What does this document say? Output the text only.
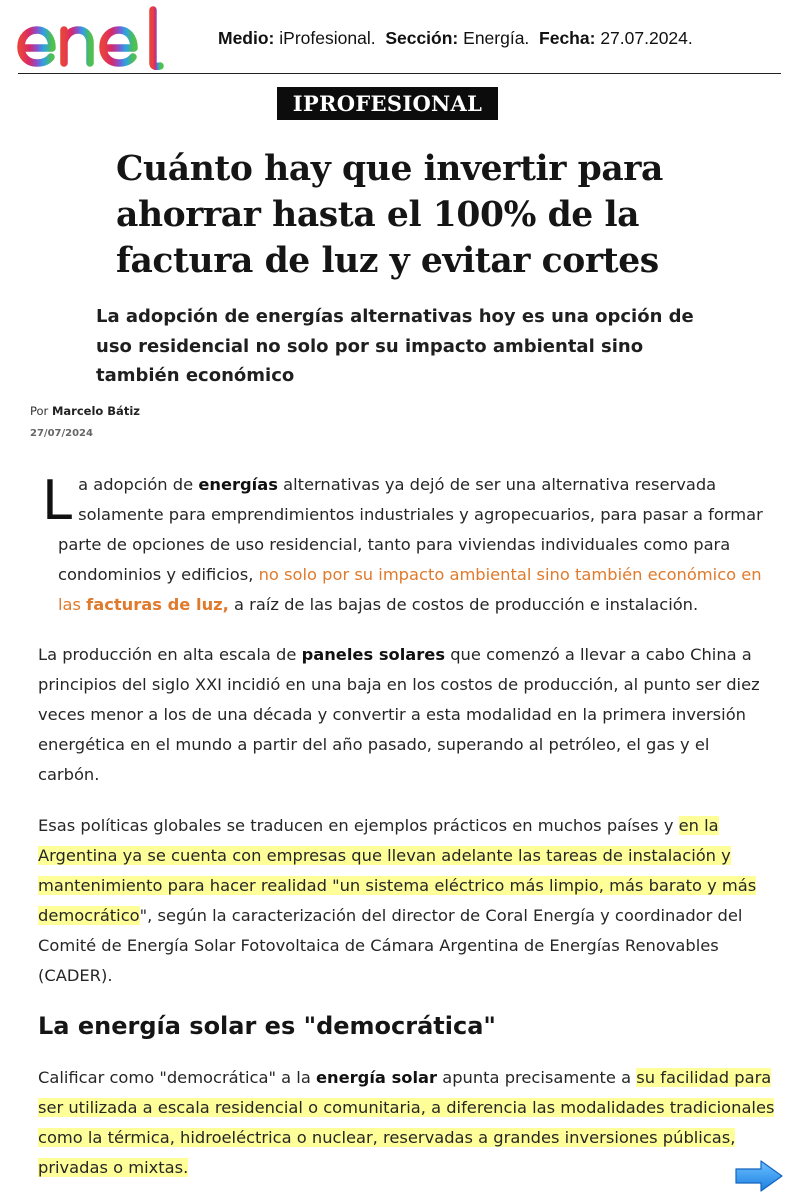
Medio: iProfesional. Sección: Energía. Fecha: 27.07.2024.
IPROFESIONAL
Cuánto hay que invertir para ahorrar hasta el 100% de la factura de luz y evitar cortes

La adopción de energías alternativas hoy es una opción de uso residencial no solo por su impacto ambiental sino también económico

Por Marcelo Bátiz
27/07/2024

La adopción de energías alternativas ya dejó de ser una alternativa reservada solamente para emprendimientos industriales y agropecuarios, para pasar a formar parte de opciones de uso residencial, tanto para viviendas individuales como para condominios y edificios, no solo por su impacto ambiental sino también económico en las facturas de luz, a raíz de las bajas de costos de producción e instalación.

La producción en alta escala de paneles solares que comenzó a llevar a cabo China a principios del siglo XXI incidió en una baja en los costos de producción, al punto ser diez veces menor a los de una década y convertir a esta modalidad en la primera inversión energética en el mundo a partir del año pasado, superando al petróleo, el gas y el carbón.

Esas políticas globales se traducen en ejemplos prácticos en muchos países y en la Argentina ya se cuenta con empresas que llevan adelante las tareas de instalación y mantenimiento para hacer realidad "un sistema eléctrico más limpio, más barato y más democrático", según la caracterización del director de Coral Energía y coordinador del Comité de Energía Solar Fotovoltaica de Cámara Argentina de Energías Renovables (CADER).

La energía solar es "democrática"

Calificar como "democrática" a la energía solar apunta precisamente a su facilidad para ser utilizada a escala residencial o comunitaria, a diferencia las modalidades tradicionales como la térmica, hidroeléctrica o nuclear, reservadas a grandes inversiones públicas, privadas o mixtas.
